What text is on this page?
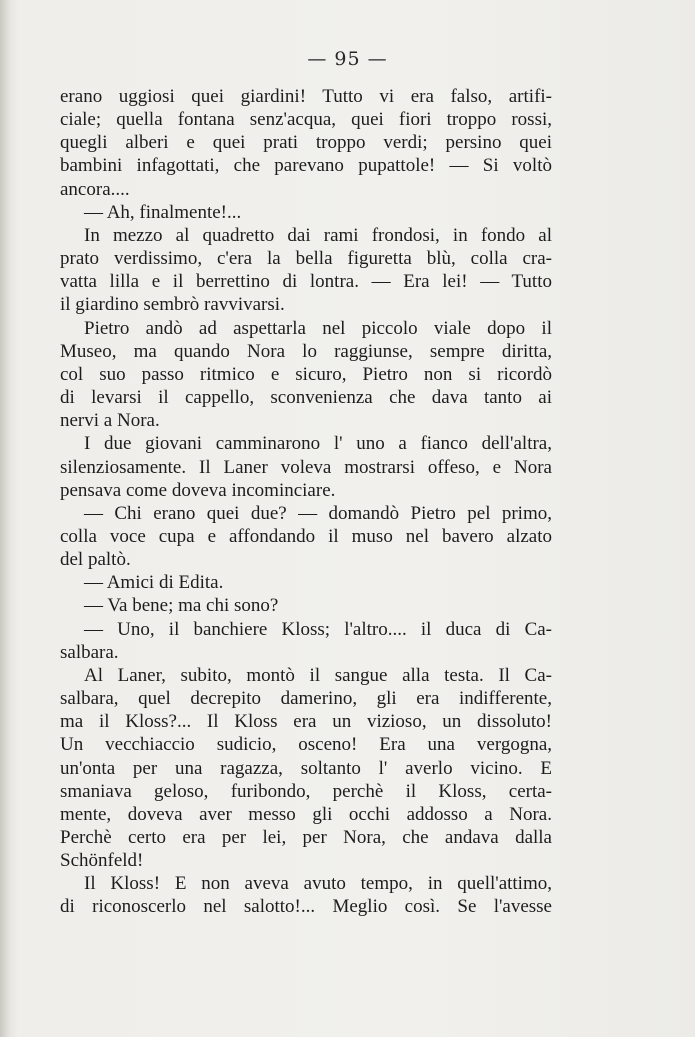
— 95 —

erano uggiosi quei giardini! Tutto vi era falso, artifi-

ciale; quella fontana senz'acqua, quei fiori troppo rossi,

quegli alberi e quei prati troppo verdi; persino quei

bambini infagottati, che parevano pupattole! — Si voltò

ancora....

— Ah, finalmente!...

In mezzo al quadretto dai rami frondosi, in fondo al

prato verdissimo, c'era la bella figuretta blù, colla cra-

vatta lilla e il berrettino di lontra. — Era lei! — Tutto

il giardino sembrò ravvivarsi.

Pietro andò ad aspettarla nel piccolo viale dopo il

Museo, ma quando Nora lo raggiunse, sempre diritta,

col suo passo ritmico e sicuro, Pietro non si ricordò

di levarsi il cappello, sconvenienza che dava tanto ai

nervi a Nora.

I due giovani camminarono l' uno a fianco dell'altra,

silenziosamente. Il Laner voleva mostrarsi offeso, e Nora

pensava come doveva incominciare.

— Chi erano quei due? — domandò Pietro pel primo,

colla voce cupa e affondando il muso nel bavero alzato

del paltò.

— Amici di Edita.

— Va bene; ma chi sono?

— Uno, il banchiere Kloss; l'altro.... il duca di Ca-

salbara.

Al Laner, subito, montò il sangue alla testa. Il Ca-

salbara, quel decrepito damerino, gli era indifferente,

ma il Kloss?... Il Kloss era un vizioso, un dissoluto!

Un vecchiaccio sudicio, osceno! Era una vergogna,

un'onta per una ragazza, soltanto l' averlo vicino. E

smaniava geloso, furibondo, perchè il Kloss, certa-

mente, doveva aver messo gli occhi addosso a Nora.

Perchè certo era per lei, per Nora, che andava dalla

Schönfeld!

Il Kloss! E non aveva avuto tempo, in quell'attimo,

di riconoscerlo nel salotto!... Meglio così. Se l'avesse
